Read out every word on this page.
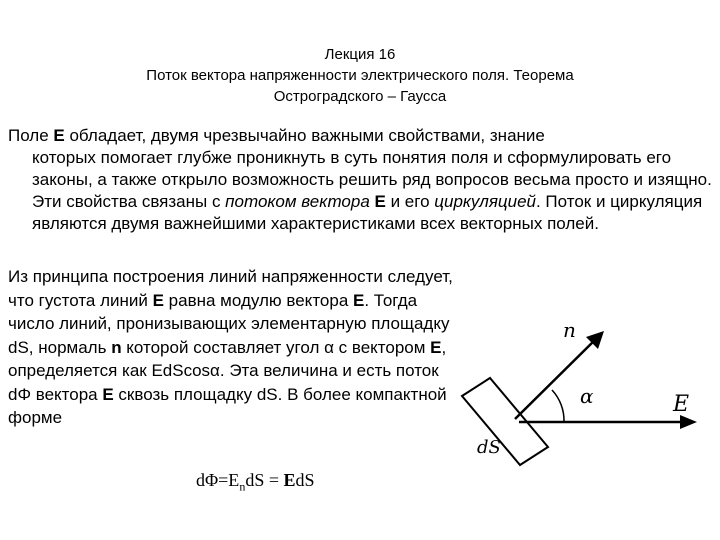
Лекция 16
Поток вектора напряженности электрического поля. Теорема
Остроградского – Гаусса
Поле E обладает, двумя чрезвычайно важными свойствами, знание
которых помогает глубже проникнуть в суть понятия поля и сформулировать его законы, а также открыло возможность решить ряд вопросов весьма просто и изящно. Эти свойства связаны с потоком вектора E и его циркуляцией. Поток и циркуляция являются двумя важнейшими характеристиками всех векторных полей.
Из принципа построения линий напряженности следует, что густота линий E равна модулю вектора E. Тогда число линий, пронизывающих элементарную площадку dS, нормаль n которой составляет угол α с вектором E, определяется как EdScosα. Эта величина и есть поток dΦ вектора E сквозь площадку dS. В более компактной форме
$d\Phi=E_ndS$ = EdS
n
α	E
dS
